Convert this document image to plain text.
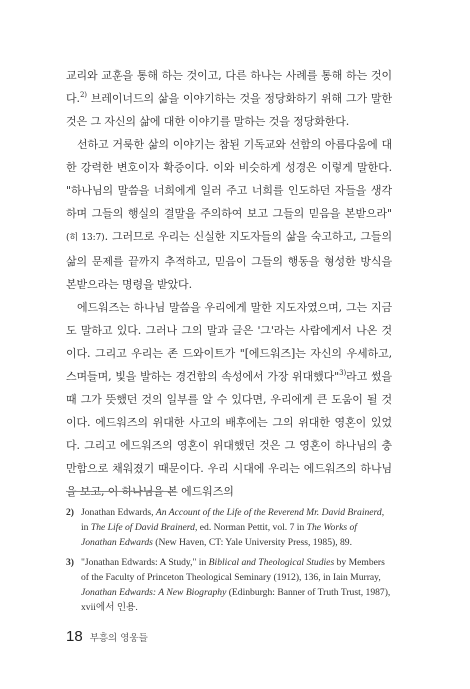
교리와 교훈을 통해 하는 것이고, 다른 하나는 사례를 통해 하는 것이다.$^{2)}$ 브레이너드의 삶을 이야기하는 것을 정당화하기 위해 그가 말한 것은 그 자신의 삶에 대한 이야기를 말하는 것을 정당화한다.

선하고 거룩한 삶의 이야기는 참된 기독교와 선함의 아름다움에 대한 강력한 변호이자 확증이다. 이와 비슷하게 성경은 이렇게 말한다. "하나님의 말씀을 너희에게 일러 주고 너희를 인도하던 자들을 생각하며 그들의 행실의 결말을 주의하여 보고 그들의 믿음을 본받으라"(히 13:7). 그러므로 우리는 신실한 지도자들의 삶을 숙고하고, 그들의 삶의 문제를 끝까지 추적하고, 믿음이 그들의 행동을 형성한 방식을 본받으라는 명령을 받았다.

에드워즈는 하나님 말씀을 우리에게 말한 지도자였으며, 그는 지금도 말하고 있다. 그러나 그의 말과 글은 '그'라는 사람에게서 나온 것이다. 그리고 우리는 존 드와이트가 "[에드워즈]는 자신의 우세하고, 스며들며, 빛을 발하는 경건함의 속성에서 가장 위대했다"$^{3)}$라고 썼을 때 그가 뜻했던 것의 일부를 알 수 있다면, 우리에게 큰 도움이 될 것이다. 에드워즈의 위대한 사고의 배후에는 그의 위대한 영혼이 있었다. 그리고 에드워즈의 영혼이 위대했던 것은 그 영혼이 하나님의 충만함으로 채워졌기 때문이다. 우리 시대에 우리는 에드워즈의 하나님을 보고, 이 하나님을 본 에드워즈의

2) Jonathan Edwards, An Account of the Life of the Reverend Mr. David Brainerd, in The Life of David Brainerd, ed. Norman Pettit, vol. 7 in The Works of Jonathan Edwards (New Haven, CT: Yale University Press, 1985), 89.
3) "Jonathan Edwards: A Study," in Biblical and Theological Studies by Members of the Faculty of Princeton Theological Seminary (1912), 136, in Iain Murray, Jonathan Edwards: A New Biography (Edinburgh: Banner of Truth Trust, 1987), xvii에서 인용.
18 부흥의 영웅들
